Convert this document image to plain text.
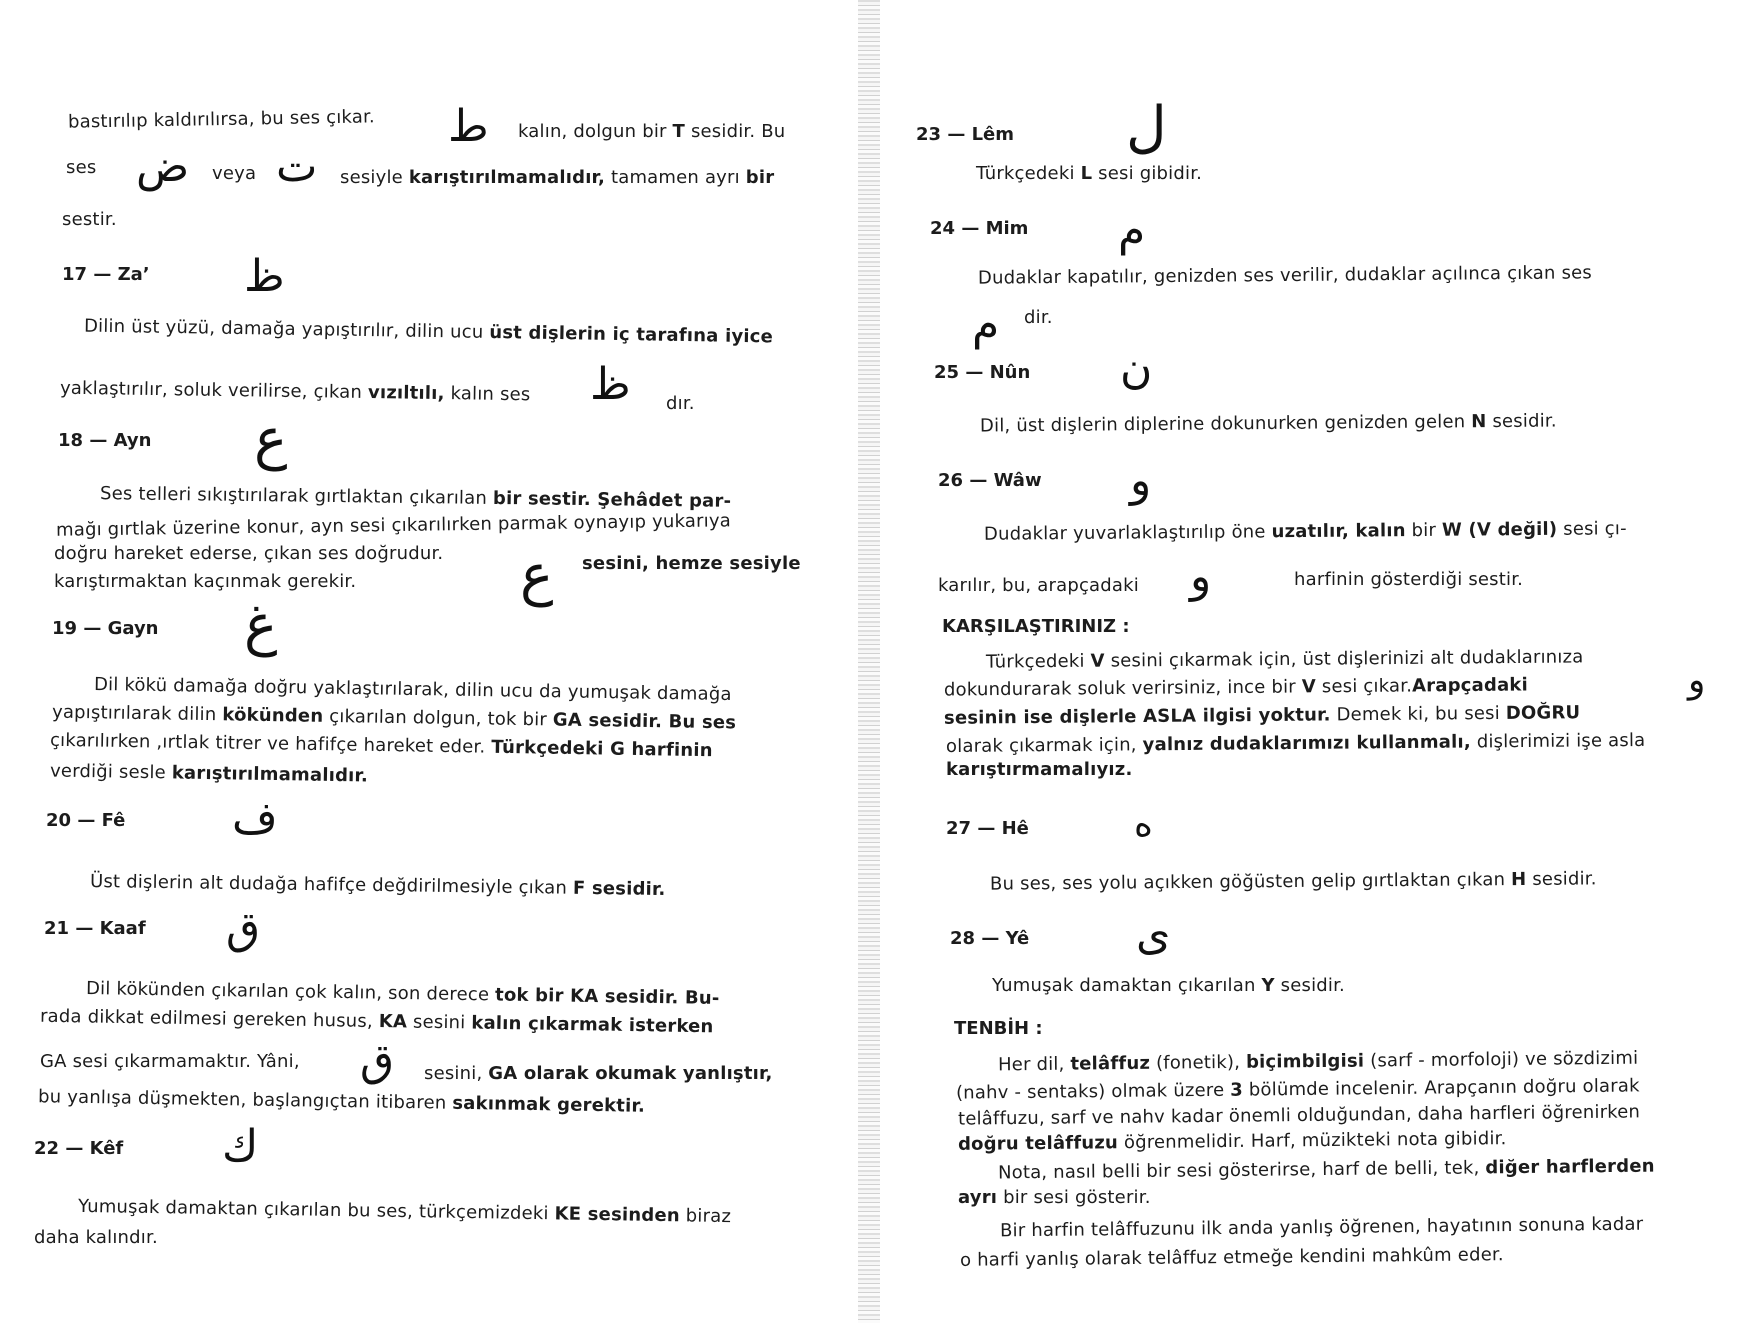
bastırılıp kaldırılırsa, bu ses çıkar. ط kalın, dolgun bir T sesidir. Bu
ses ض veya ت sesiyle karıştırılmamalıdır, tamamen ayrı bir
sestir.
17 — Za’ ظ
Dilin üst yüzü, damağa yapıştırılır, dilin ucu üst dişlerin iç tarafına iyice
yaklaştırılır, soluk verilirse, çıkan vızıltılı, kalın ses ظ dır.
18 — Ayn ع
Ses telleri sıkıştırılarak gırtlaktan çıkarılan bir sestir. Şehâdet par-
mağı gırtlak üzerine konur, ayn sesi çıkarılırken parmak oynayıp yukarıya
doğru hareket ederse, çıkan ses doğrudur. ع sesini, hemze sesiyle
karıştırmaktan kaçınmak gerekir.
19 — Gayn غ
Dil kökü damağa doğru yaklaştırılarak, dilin ucu da yumuşak damağa
yapıştırılarak dilin kökünden çıkarılan dolgun, tok bir GA sesidir. Bu ses
çıkarılırken ,ırtlak titrer ve hafifçe hareket eder. Türkçedeki G harfinin
verdiği sesle karıştırılmamalıdır.
20 — Fê ف
Üst dişlerin alt dudağa hafifçe değdirilmesiyle çıkan F sesidir.
21 — Kaaf ق
Dil kökünden çıkarılan çok kalın, son derece tok bir KA sesidir. Bu-
rada dikkat edilmesi gereken husus, KA sesini kalın çıkarmak isterken
GA sesi çıkarmamaktır. Yâni, ق sesini, GA olarak okumak yanlıştır,
bu yanlışa düşmekten, başlangıçtan itibaren sakınmak gerektir.
22 — Kêf ك
Yumuşak damaktan çıkarılan bu ses, türkçemizdeki KE sesinden biraz
daha kalındır.
23 — Lêm ل
Türkçedeki L sesi gibidir.
24 — Mim م
Dudaklar kapatılır, genizden ses verilir, dudaklar açılınca çıkan ses
م dir.
25 — Nûn ن
Dil, üst dişlerin diplerine dokunurken genizden gelen N sesidir.
26 — Wâw و
Dudaklar yuvarlaklaştırılıp öne uzatılır, kalın bir W (V değil) sesi çı-
karılır, bu, arapçadaki و	harfinin gösterdiği sestir.
KARŞILAŞTIRINIZ :
Türkçedeki V sesini çıkarmak için, üst dişlerinizi alt dudaklarınıza
dokundurarak soluk verirsiniz, ince bir V sesi çıkar.Arapçadaki	و
sesinin ise dişlerle ASLA ilgisi yoktur. Demek ki, bu sesi DOĞRU
olarak çıkarmak için, yalnız dudaklarımızı kullanmalı, dişlerimizi işe asla
karıştırmamalıyız.
27 — Hê	ه
Bu ses, ses yolu açıkken göğüsten gelip gırtlaktan çıkan H sesidir.
28 — Yê ى
Yumuşak damaktan çıkarılan Y sesidir.
TENBİH :
Her dil, telâffuz (fonetik), biçimbilgisi (sarf - morfoloji) ve sözdizimi
(nahv - sentaks) olmak üzere 3 bölümde incelenir. Arapçanın doğru olarak
telâffuzu, sarf ve nahv kadar önemli olduğundan, daha harfleri öğrenirken
doğru telâffuzu öğrenmelidir. Harf, müzikteki nota gibidir.
Nota, nasıl belli bir sesi gösterirse, harf de belli, tek, diğer harflerden
ayrı bir sesi gösterir.
Bir harfin telâffuzunu ilk anda yanlış öğrenen, hayatının sonuna kadar
o harfi yanlış olarak telâffuz etmeğe kendini mahkûm eder.
